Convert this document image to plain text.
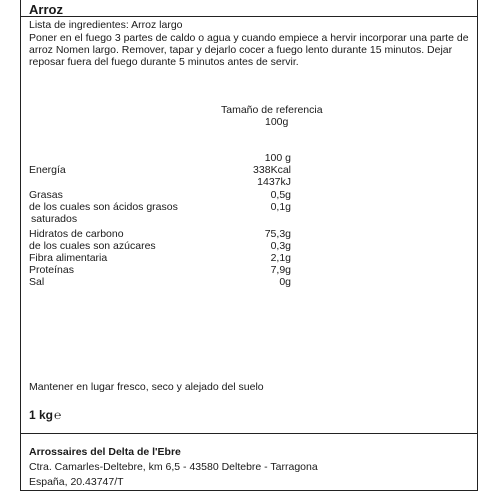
Arroz
Lista de ingredientes: Arroz largo
Poner en el fuego 3 partes de caldo o agua y cuando empiece a hervir incorporar una parte de arroz Nomen largo. Remover, tapar y dejarlo cocer a fuego lento durante 15 minutos. Dejar reposar fuera del fuego durante 5 minutos antes de servir.
Tamaño de referencia
100g
100 g
Energía	338Kcal
1437kJ
Grasas	0,5g
de los cuales son ácidos grasos	0,1g
saturados
Hidratos de carbono	75,3g
de los cuales son azúcares	0,3g
Fibra alimentaria	2,1g
Proteínas	7,9g
Sal	0g
Mantener en lugar fresco, seco y alejado del suelo
1 kg℮
Arrossaires del Delta de l'Ebre
Ctra. Camarles-Deltebre, km 6,5 - 43580 Deltebre - Tarragona
España, 20.43747/T
